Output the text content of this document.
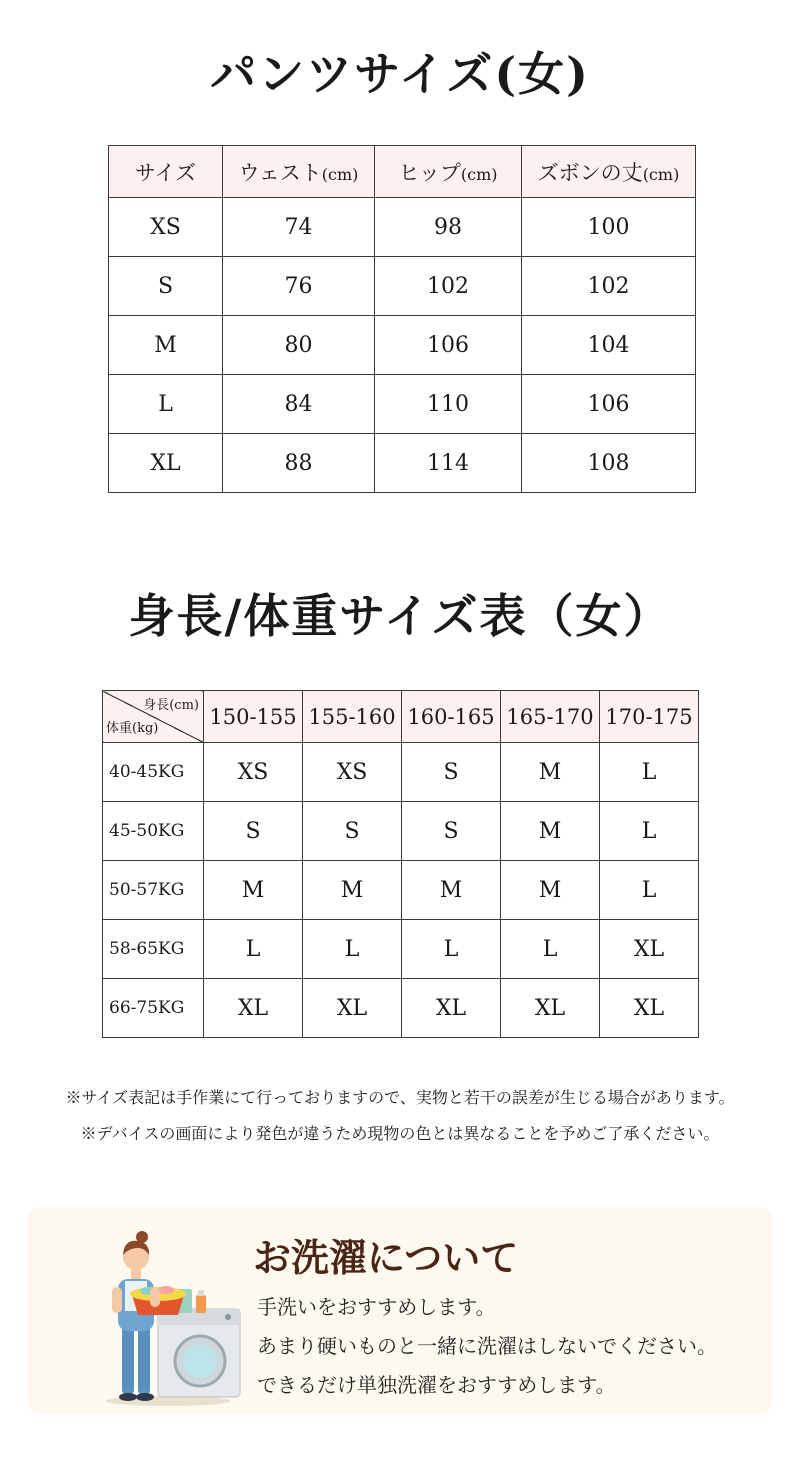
パンツサイズ(女)
サイズ	ウェスト(cm)	ヒップ(cm)	ズボンの丈(cm)
XS	74	98	100
S	76	102	102
M	80	106	104
L	84	110	106
XL	88	114	108
身長/体重サイズ表（女）
身長(cm)
体重(kg)	150-155	155-160	160-165	165-170	170-175
40-45KG	XS	XS	S	M	L
45-50KG	S	S	S	M	L
50-57KG	M	M	M	M	L
58-65KG	L	L	L	L	XL
66-75KG	XL	XL	XL	XL	XL
※サイズ表記は手作業にて行っておりますので、実物と若干の誤差が生じる場合があります。
※デバイスの画面により発色が違うため現物の色とは異なることを予めご了承ください。
お洗濯について
手洗いをおすすめします。
あまり硬いものと一緒に洗濯はしないでください。
できるだけ単独洗濯をおすすめします。
